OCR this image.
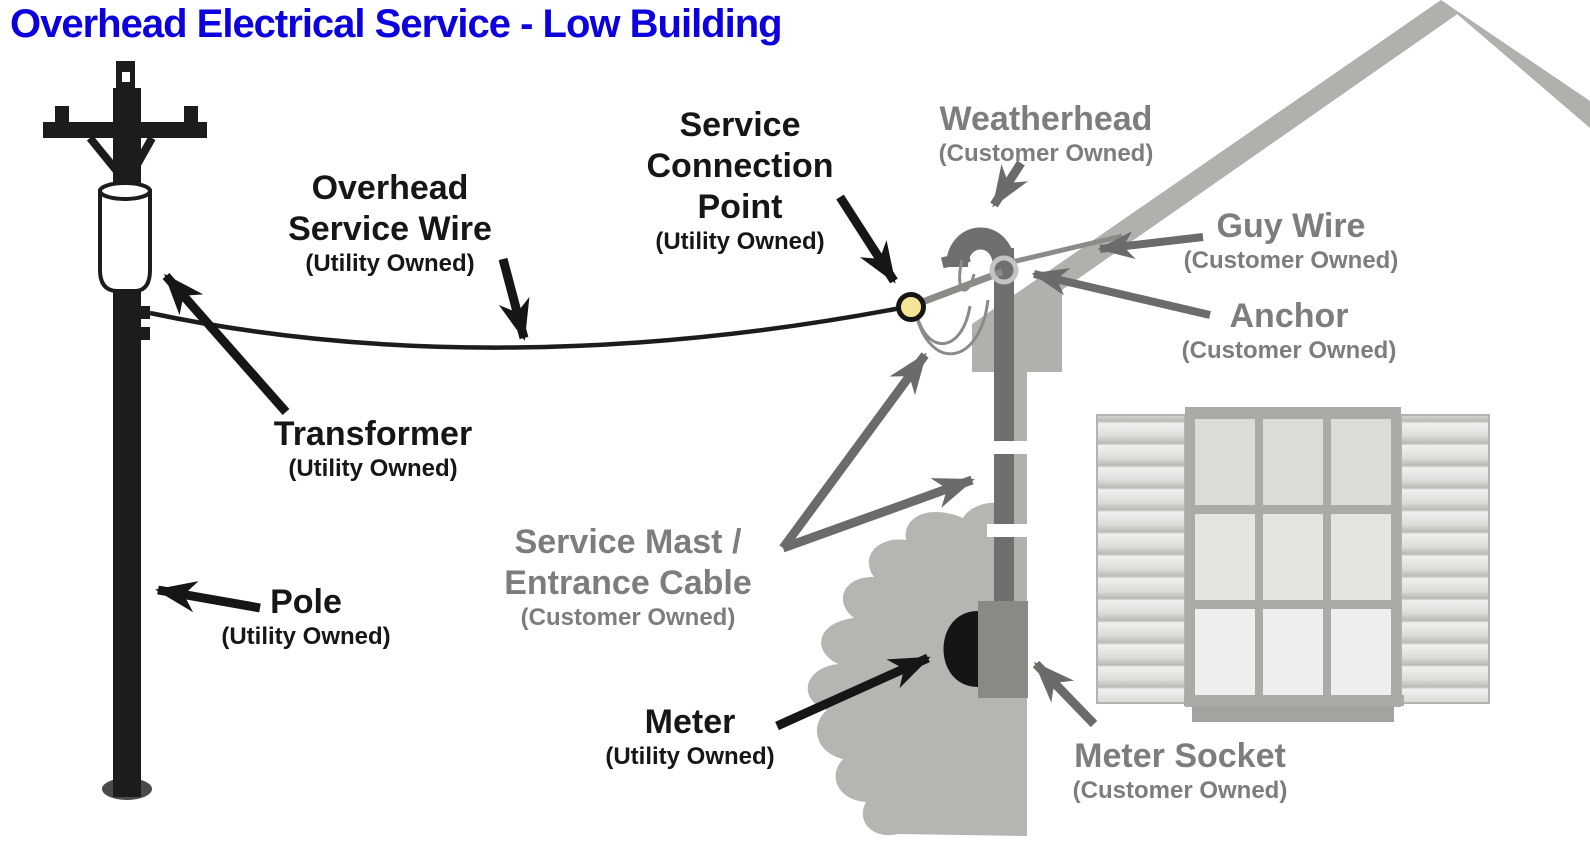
Overhead Electrical Service - Low Building
Overhead
Service Wire
(Utility Owned)
Service
Connection
Point
(Utility Owned)
Weatherhead
(Customer Owned)
Guy Wire
(Customer Owned)
Anchor
(Customer Owned)
Transformer
(Utility Owned)
Pole
(Utility Owned)
Service Mast /
Entrance Cable
(Customer Owned)
Meter
(Utility Owned)	Meter Socket
(Customer Owned)
